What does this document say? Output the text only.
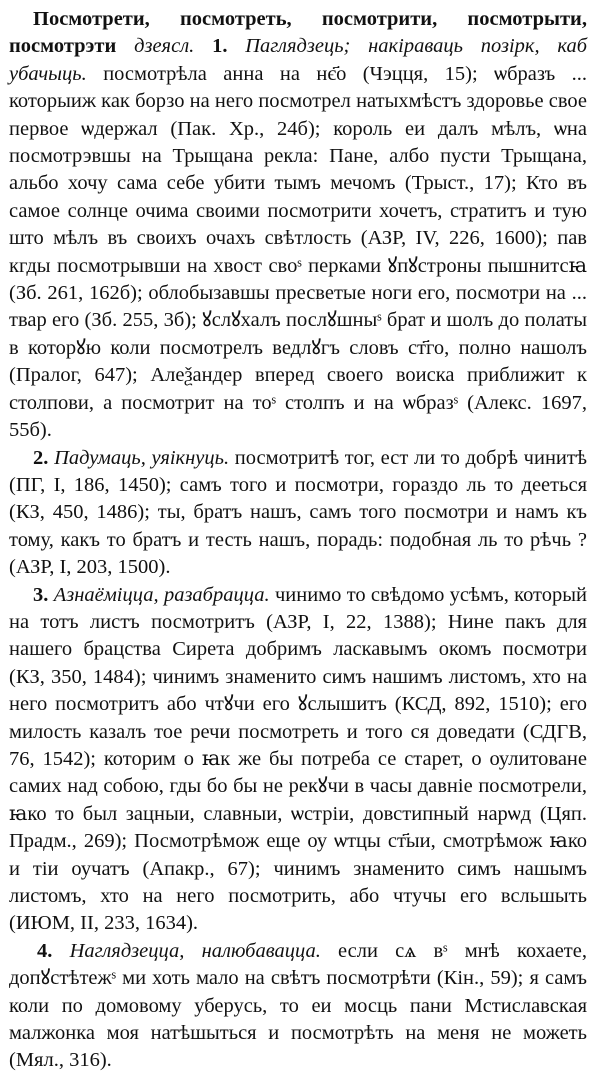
Посмотрети, посмотреть, посмотрити, посмотрыти, посмотрэти дзеясл. 1. Паглядзець; накіраваць позірк, каб убачыць. посмотрѣла анна на нє҃о (Чэцця, 15); ѡбразъ ... которыиж как борзо на него посмотрел натыхмѣстъ здоровье свое первое ѡдержал (Пак. Хр., 24б); король еи далъ мѣлъ, ѡна посмотрэвшы на Трыщана рекла: Пане, албо пусти Трыщана, альбо хочу сама себе убити тымъ мечомъ (Трыст., 17); Кто въ самое солнце очима своими посмотрити хочетъ, стратитъ и тую што мѣлъ въ своихъ очахъ свѣтлость (АЗР, IV, 226, 1600); пав кгды посмотрывши на хвост своˢ перками ꙋпꙋстроны пышнитсꙗ (Зб. 261, 162б); облобызавшы пресветые ноги его, посмотри на ... твар его (Зб. 255, 3б); ꙋслꙋхалъ послꙋшныˢ брат и шолъ до полаты в которꙋю коли посмотрелъ ведлꙋгъ словъ ст҃го, полно нашолъ (Пралог, 647); Алеѯандер вперед своего воиска приближит к столпови, а посмотрит на тоˢ столпъ и на ѡбразˢ (Алекс. 1697, 55б).

2. Падумаць, уяікнуць. посмотритѣ тог, ест ли то добрѣ чинитѣ (ПГ, I, 186, 1450); самъ того и посмотри, гораздо ль то дееться (КЗ, 450, 1486); ты, братъ нашъ, самъ того посмотри и намъ къ тому, какъ то братъ и тесть нашъ, порадь: подобная ль то рѣчь ? (АЗР, I, 203, 1500).

3. Азнаёміцца, разабрацца. чинимо то свѣдомо усѣмъ, который на тотъ листъ посмотритъ (АЗР, I, 22, 1388); Нине пакъ для нашего брацства Сирета добримъ ласкавымъ окомъ посмотри (КЗ, 350, 1484); чинимъ знаменито симъ нашимъ листомъ, хто на него посмотритъ або чтꙋчи его ꙋслышитъ (КСД, 892, 1510); его милость казалъ тое речи посмотреть и того ся доведати (СДГВ, 76, 1542); которим о ꙗк же бы потреба се старет, о оулитоване самих над собою, гды бо бы не рекꙋчи в часы давніе посмотрели, ꙗко то был зацныи, славныи, ѡстріи, довстипный нарѡд (Цяп. Прадм., 269); Посмотрѣмож еще оу ѡтцы ст҃ыи, смотрѣмож ꙗко и тіи оучатъ (Апакр., 67); чинимъ знаменито симъ нашымъ листомъ, хто на него посмотрить, або чтучы его всльшыть (ИЮМ, II, 233, 1634).

4. Наглядзецца, налюбавацца. если сѧ вˢ мнѣ кохаете, допꙋстѣтежˢ ми хоть мало на свѣтъ посмотрѣти (Кін., 59); я самъ коли по домовому уберусь, то еи мосць пани Мстиславская малжонка моя натѣшыться и посмотрѣть на меня не можеть (Мял., 316).
